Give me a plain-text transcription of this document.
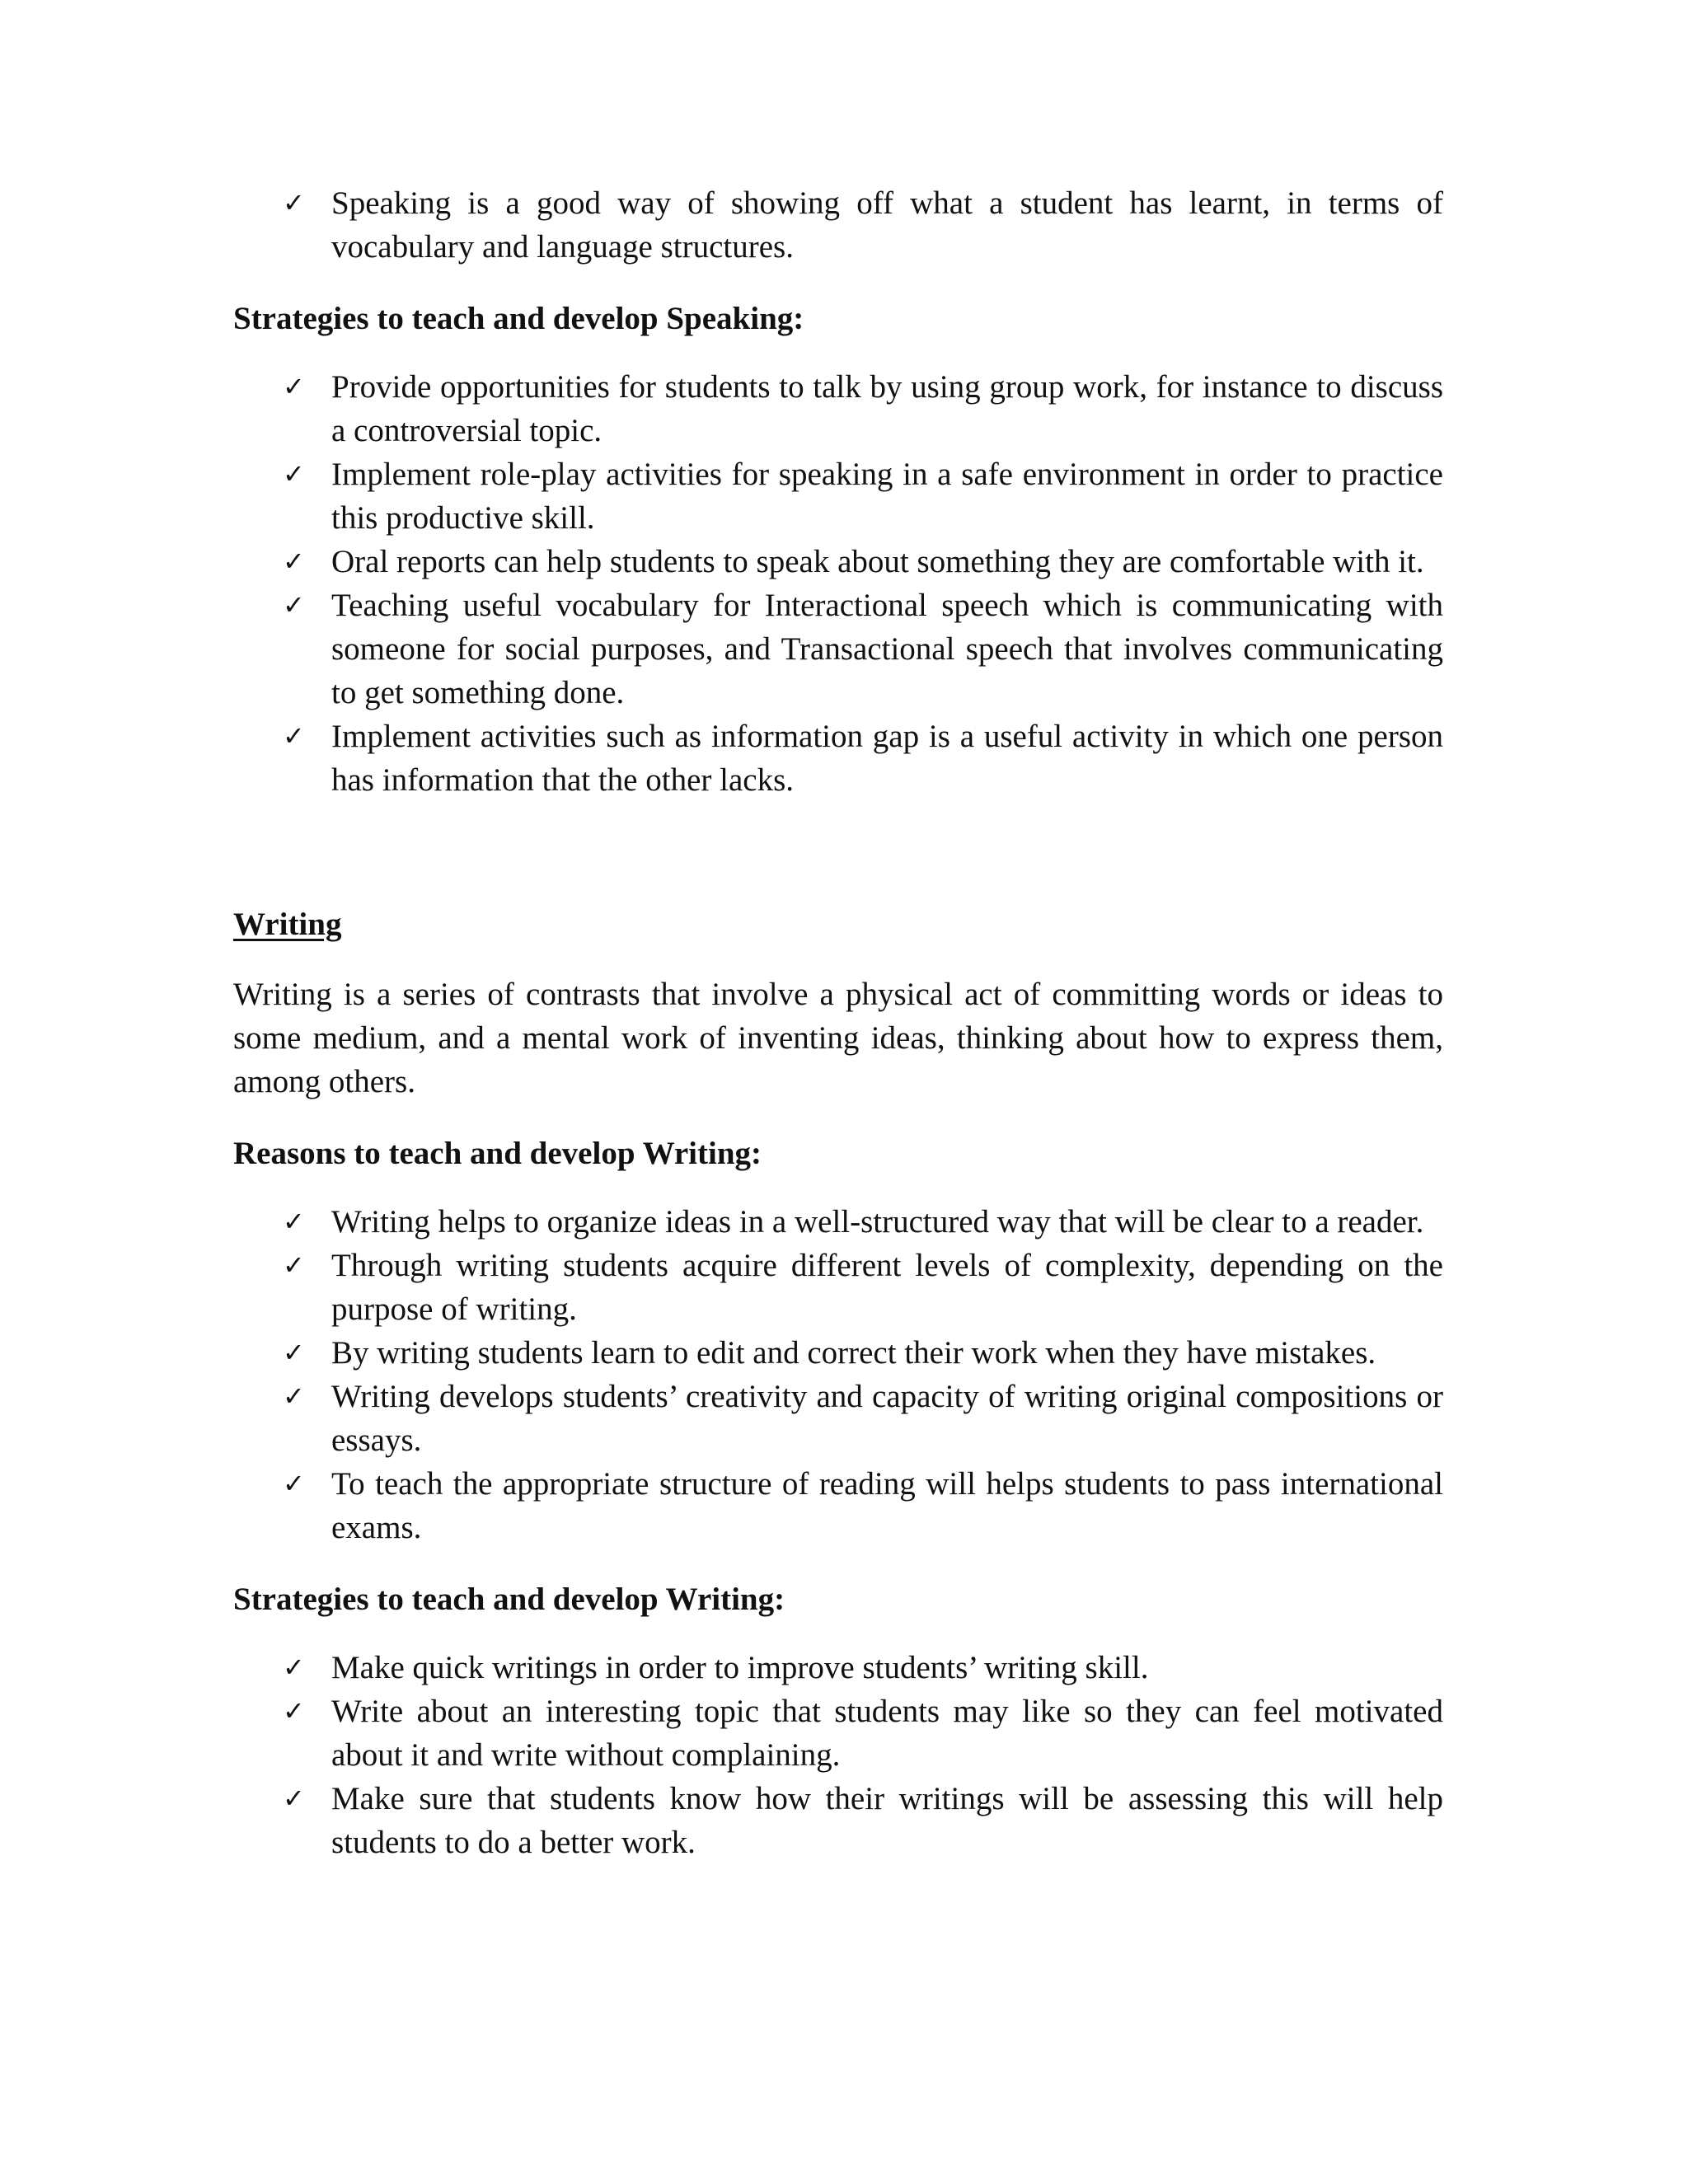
✓ Speaking is a good way of showing off what a student has learnt, in terms of vocabulary and language structures.

Strategies to teach and develop Speaking:

✓ Provide opportunities for students to talk by using group work, for instance to discuss a controversial topic.
✓ Implement role-play activities for speaking in a safe environment in order to practice this productive skill.
✓ Oral reports can help students to speak about something they are comfortable with it.
✓ Teaching useful vocabulary for Interactional speech which is communicating with someone for social purposes, and Transactional speech that involves communicating to get something done.
✓ Implement activities such as information gap is a useful activity in which one person has information that the other lacks.

Writing

Writing is a series of contrasts that involve a physical act of committing words or ideas to some medium, and a mental work of inventing ideas, thinking about how to express them, among others.

Reasons to teach and develop Writing:

✓ Writing helps to organize ideas in a well-structured way that will be clear to a reader.
✓ Through writing students acquire different levels of complexity, depending on the purpose of writing.
✓ By writing students learn to edit and correct their work when they have mistakes.
✓ Writing develops students’ creativity and capacity of writing original compositions or essays.
✓ To teach the appropriate structure of reading will helps students to pass international exams.

Strategies to teach and develop Writing:

✓ Make quick writings in order to improve students’ writing skill.
✓ Write about an interesting topic that students may like so they can feel motivated about it and write without complaining.
✓ Make sure that students know how their writings will be assessing this will help students to do a better work.
